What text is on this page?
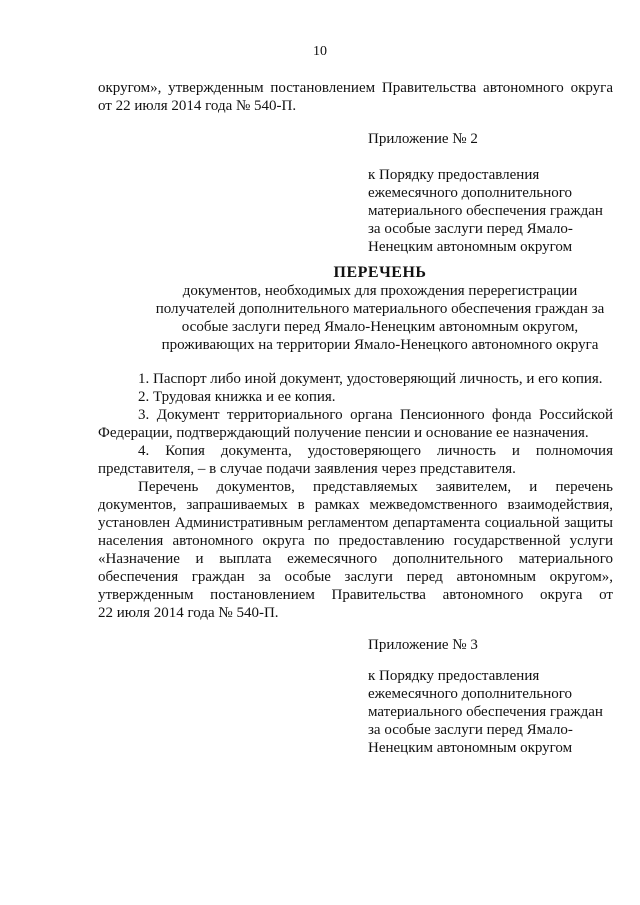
10
округом», утвержденным постановлением Правительства автономного округа
от 22 июля 2014 года № 540-П.
Приложение № 2
к Порядку предоставления
ежемесячного дополнительного
материального обеспечения граждан
за особые заслуги перед Ямало-
Ненецким автономным округом
ПЕРЕЧЕНЬ
документов, необходимых для прохождения перерегистрации
получателей дополнительного материального обеспечения граждан за
особые заслуги перед Ямало-Ненецким автономным округом,
проживающих на территории Ямало-Ненецкого автономного округа
1. Паспорт либо иной документ, удостоверяющий личность, и его копия.
2. Трудовая книжка и ее копия.
3. Документ территориального органа Пенсионного фонда Российской
Федерации, подтверждающий получение пенсии и основание ее назначения.
4. Копия документа, удостоверяющего личность и полномочия
представителя, – в случае подачи заявления через представителя.
Перечень документов, представляемых заявителем, и перечень
документов, запрашиваемых в рамках межведомственного взаимодействия,
установлен Административным регламентом департамента социальной защиты
населения автономного округа по предоставлению государственной услуги
«Назначение и выплата ежемесячного дополнительного материального
обеспечения граждан за особые заслуги перед автономным округом»,
утвержденным постановлением Правительства автономного округа от
22 июля 2014 года № 540-П.
Приложение № 3
к Порядку предоставления
ежемесячного дополнительного
материального обеспечения граждан
за особые заслуги перед Ямало-
Ненецким автономным округом
